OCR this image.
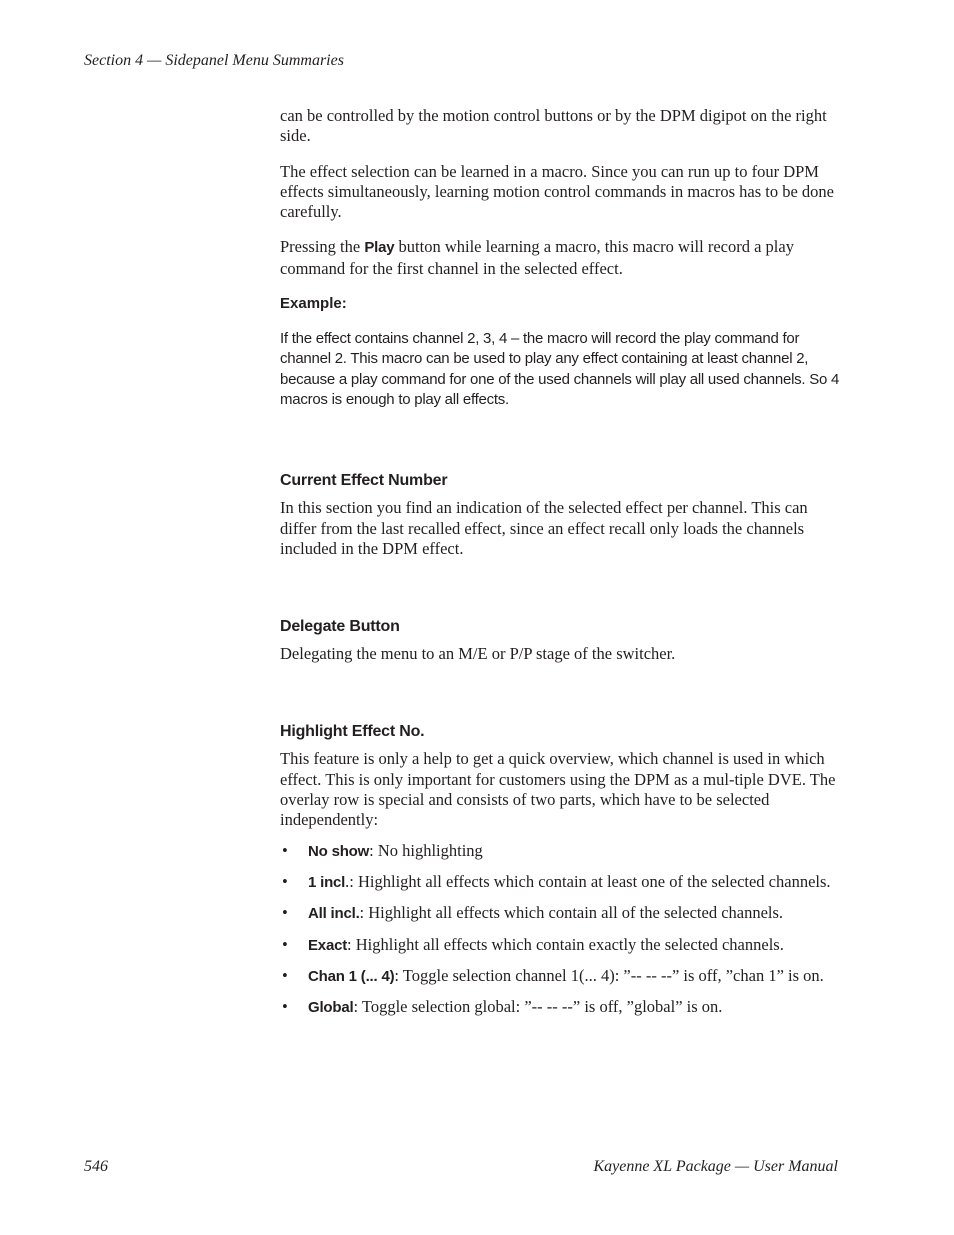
Section 4 — Sidepanel Menu Summaries

can be controlled by the motion control buttons or by the DPM digipot on the right side.

The effect selection can be learned in a macro. Since you can run up to four DPM effects simultaneously, learning motion control commands in macros has to be done carefully.

Pressing the Play button while learning a macro, this macro will record a play command for the first channel in the selected effect.

Example:

If the effect contains channel 2, 3, 4 – the macro will record the play command for channel 2. This macro can be used to play any effect containing at least channel 2, because a play command for one of the used channels will play all used channels. So 4 macros is enough to play all effects.

Current Effect Number

In this section you find an indication of the selected effect per channel. This can differ from the last recalled effect, since an effect recall only loads the channels included in the DPM effect.

Delegate Button

Delegating the menu to an M/E or P/P stage of the switcher.

Highlight Effect No.

This feature is only a help to get a quick overview, which channel is used in which effect. This is only important for customers using the DPM as a mul-tiple DVE. The overlay row is special and consists of two parts, which have to be selected independently:

• No show: No highlighting
• 1 incl.: Highlight all effects which contain at least one of the selected channels.
• All incl.: Highlight all effects which contain all of the selected channels.
• Exact: Highlight all effects which contain exactly the selected channels.
• Chan 1 (... 4): Toggle selection channel 1(... 4): ”-- -- --” is off, ”chan 1” is on.
• Global: Toggle selection global: ”-- -- --” is off, ”global” is on.
546	Kayenne XL Package — User Manual
